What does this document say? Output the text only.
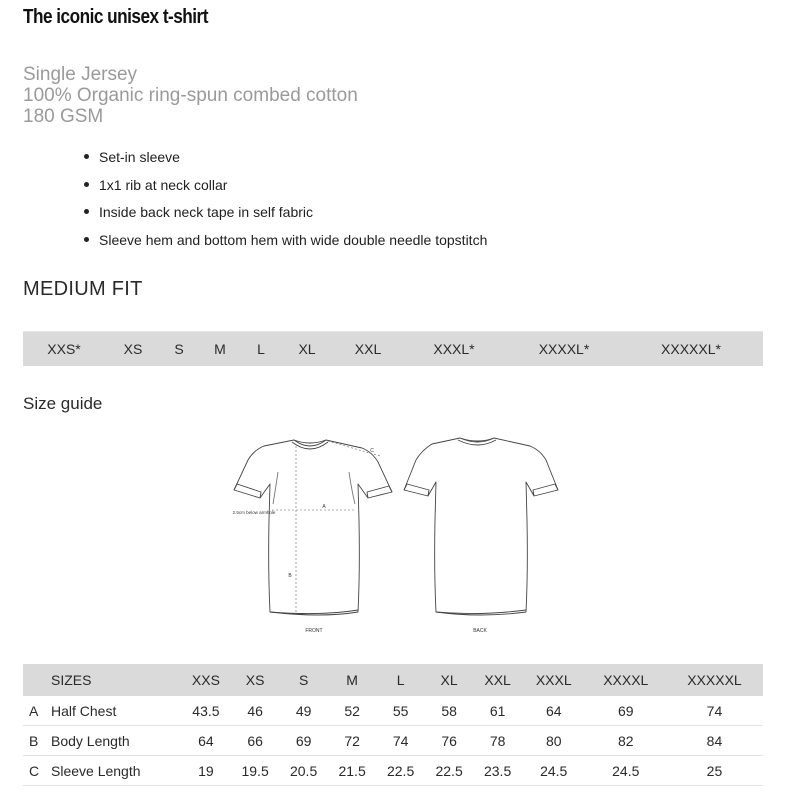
The iconic unisex t-shirt
Single Jersey
100% Organic ring-spun combed cotton
180 GSM
Set-in sleeve
1x1 rib at neck collar
Inside back neck tape in self fabric
Sleeve hem and bottom hem with wide double needle topstitch
MEDIUM FIT
XXS*	XS S M L XL	XXL	XXXL*	XXXXL*	XXXXXL*
Size guide
A
B
C
2.5cm below armhole
FRONT	BACK
	SIZES	XXS	XS	S	M	L	XL	XXL	XXXL	XXXXL	XXXXXL
A	Half Chest	43.5	46	49	52	55	58	61	64	69	74
B	Body Length	64	66	69	72	74	76	78	80	82	84
C	Sleeve Length	19	19.5	20.5	21.5	22.5	22.5	23.5	24.5	24.5	25
